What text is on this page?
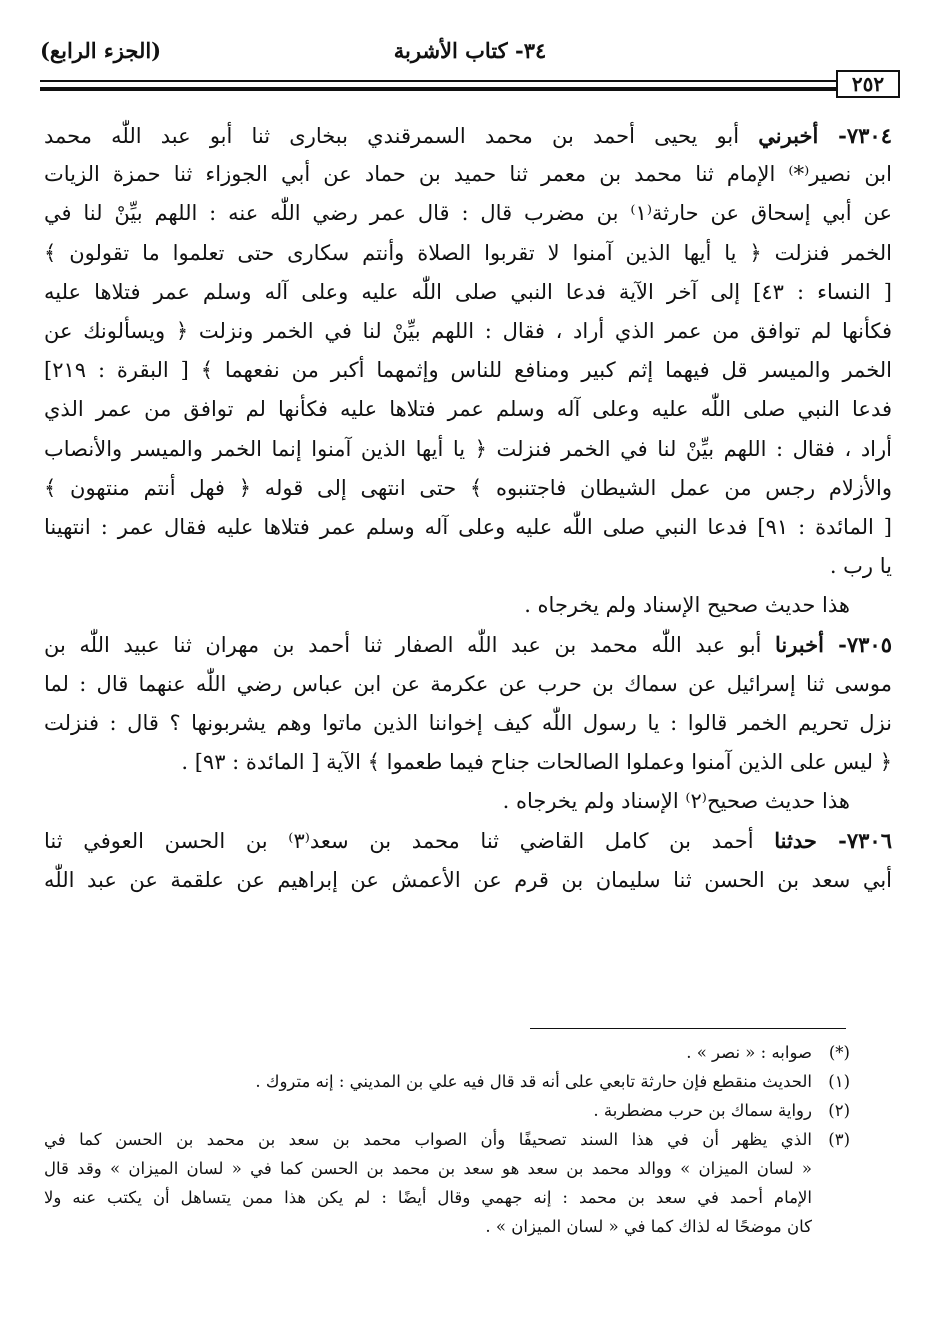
٣٤- كتاب الأشربة
(الجزء الرابع)
٢٥٢
٧٣٠٤- أخبرني أبو يحيى أحمد بن محمد السمرقندي ببخارى ثنا أبو عبد اللّٰه محمد
ابن نصير⁽*⁾ الإمام ثنا محمد بن معمر ثنا حميد بن حماد عن أبي الجوزاء ثنا حمزة الزيات
عن أبي إسحاق عن حارثة⁽١⁾ بن مضرب قال : قال عمر رضي اللّٰه عنه : اللهم بيِّنْ لنا في
الخمر فنزلت ﴿ يا أيها الذين آمنوا لا تقربوا الصلاة وأنتم سكارى حتى تعلموا ما تقولون ﴾
[ النساء : ٤٣] إلى آخر الآية فدعا النبي صلى اللّٰه عليه وعلى آله وسلم عمر فتلاها عليه
فكأنها لم توافق من عمر الذي أراد ، فقال : اللهم بيِّنْ لنا في الخمر ونزلت ﴿ ويسألونك عن
الخمر والميسر قل فيهما إثم كبير ومنافع للناس وإثمهما أكبر من نفعهما ﴾ [ البقرة : ٢١٩]
فدعا النبي صلى اللّٰه عليه وعلى آله وسلم عمر فتلاها عليه فكأنها لم توافق من عمر الذي
أراد ، فقال : اللهم بيِّنْ لنا في الخمر فنزلت ﴿ يا أيها الذين آمنوا إنما الخمر والميسر والأنصاب
والأزلام رجس من عمل الشيطان فاجتنبوه ﴾ حتى انتهى إلى قوله ﴿ فهل أنتم منتهون ﴾
[ المائدة : ٩١] فدعا النبي صلى اللّٰه عليه وعلى آله وسلم عمر فتلاها عليه فقال عمر : انتهينا
يا رب .
هذا حديث صحيح الإسناد ولم يخرجاه .
٧٣٠٥- أخبرنا أبو عبد اللّٰه محمد بن عبد اللّٰه الصفار ثنا أحمد بن مهران ثنا عبيد اللّٰه بن
موسى ثنا إسرائيل عن سماك بن حرب عن عكرمة عن ابن عباس رضي اللّٰه عنهما قال : لما
نزل تحريم الخمر قالوا : يا رسول اللّٰه كيف إخواننا الذين ماتوا وهم يشربونها ؟ قال : فنزلت
﴿ ليس على الذين آمنوا وعملوا الصالحات جناح فيما طعموا ﴾ الآية [ المائدة : ٩٣] .
هذا حديث صحيح⁽٢⁾ الإسناد ولم يخرجاه .
٧٣٠٦- حدثنا أحمد بن كامل القاضي ثنا محمد بن سعد⁽٣⁾ بن الحسن العوفي ثنا
أبي سعد بن الحسن ثنا سليمان بن قرم عن الأعمش عن إبراهيم عن علقمة عن عبد اللّٰه
(*)صوابه : « نصر » .
(١)الحديث منقطع فإن حارثة تابعي على أنه قد قال فيه علي بن المديني : إنه متروك .
(٢)رواية سماك بن حرب مضطربة .
(٣)الذي يظهر أن في هذا السند تصحيفًا وأن الصواب محمد بن سعد بن محمد بن الحسن كما في
« لسان الميزان » ووالد محمد بن سعد هو سعد بن محمد بن الحسن كما في « لسان الميزان » وقد قال
الإمام أحمد في سعد بن محمد : إنه جهمي وقال أيضًا : لم يكن هذا ممن يتساهل أن يكتب عنه ولا
كان موضحًا له لذاك كما في « لسان الميزان » .
